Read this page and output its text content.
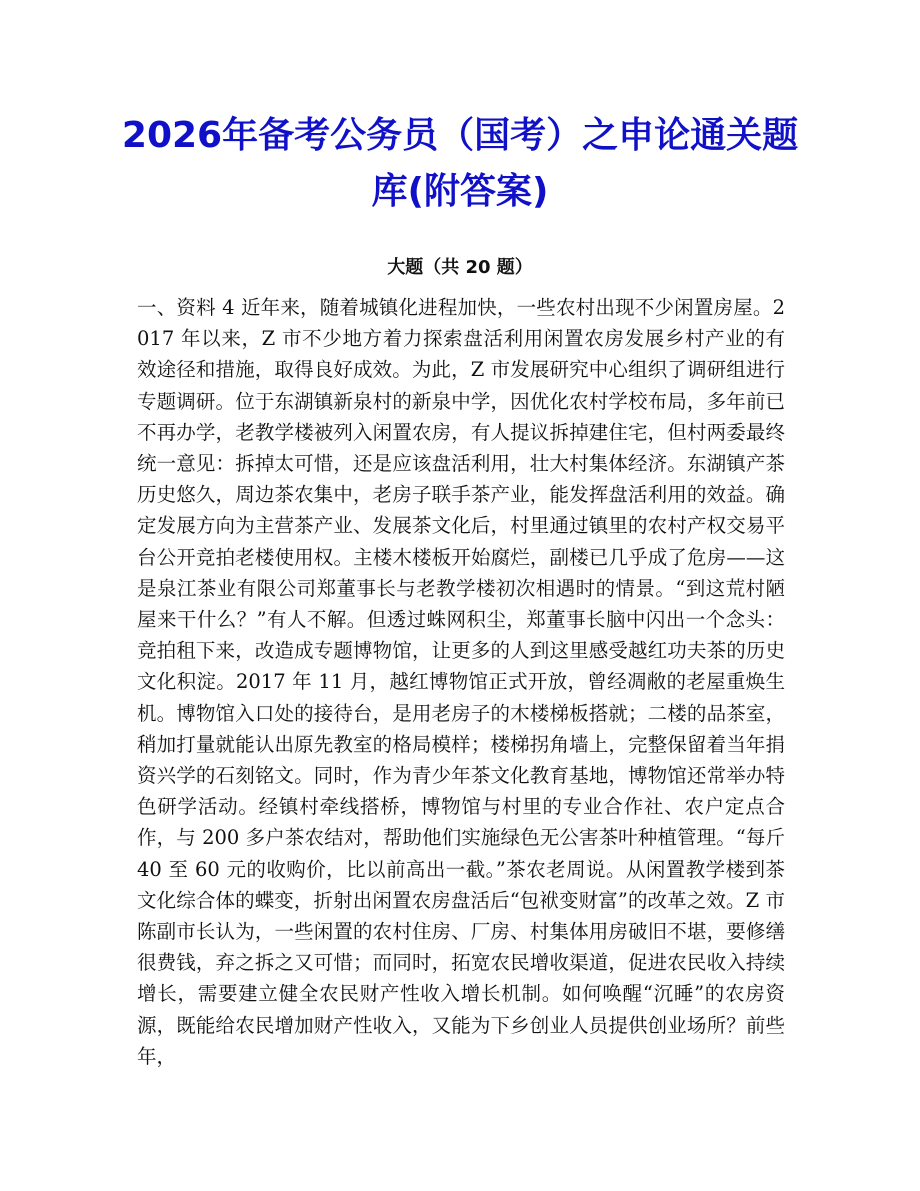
2026年备考公务员（国考）之申论通关题库(附答案)
大题（共 20 题）

一、资料 4 近年来，随着城镇化进程加快，一些农村出现不少闲置房屋。2017 年以来，Z 市不少地方着力探索盘活利用闲置农房发展乡村产业的有效途径和措施，取得良好成效。为此，Z 市发展研究中心组织了调研组进行专题调研。位于东湖镇新泉村的新泉中学，因优化农村学校布局，多年前已不再办学，老教学楼被列入闲置农房，有人提议拆掉建住宅，但村两委最终统一意见：拆掉太可惜，还是应该盘活利用，壮大村集体经济。东湖镇产茶历史悠久，周边茶农集中，老房子联手茶产业，能发挥盘活利用的效益。确定发展方向为主营茶产业、发展茶文化后，村里通过镇里的农村产权交易平台公开竞拍老楼使用权。主楼木楼板开始腐烂，副楼已几乎成了危房——这是泉江茶业有限公司郑董事长与老教学楼初次相遇时的情景。“到这荒村陋屋来干什么？”有人不解。但透过蛛网积尘，郑董事长脑中闪出一个念头：竞拍租下来，改造成专题博物馆，让更多的人到这里感受越红功夫茶的历史文化积淀。2017 年 11 月，越红博物馆正式开放，曾经凋敝的老屋重焕生机。博物馆入口处的接待台，是用老房子的木楼梯板搭就；二楼的品茶室，稍加打量就能认出原先教室的格局模样；楼梯拐角墙上，完整保留着当年捐资兴学的石刻铭文。同时，作为青少年茶文化教育基地，博物馆还常举办特色研学活动。经镇村牵线搭桥，博物馆与村里的专业合作社、农户定点合作，与 200 多户茶农结对，帮助他们实施绿色无公害茶叶种植管理。“每斤 40 至 60 元的收购价，比以前高出一截。”茶农老周说。从闲置教学楼到茶文化综合体的蝶变，折射出闲置农房盘活后“包袱变财富”的改革之效。Z 市陈副市长认为，一些闲置的农村住房、厂房、村集体用房破旧不堪，要修缮很费钱，弃之拆之又可惜；而同时，拓宽农民增收渠道，促进农民收入持续增长，需要建立健全农民财产性收入增长机制。如何唤醒“沉睡”的农房资源，既能给农民增加财产性收入，又能为下乡创业人员提供创业场所？前些年，
